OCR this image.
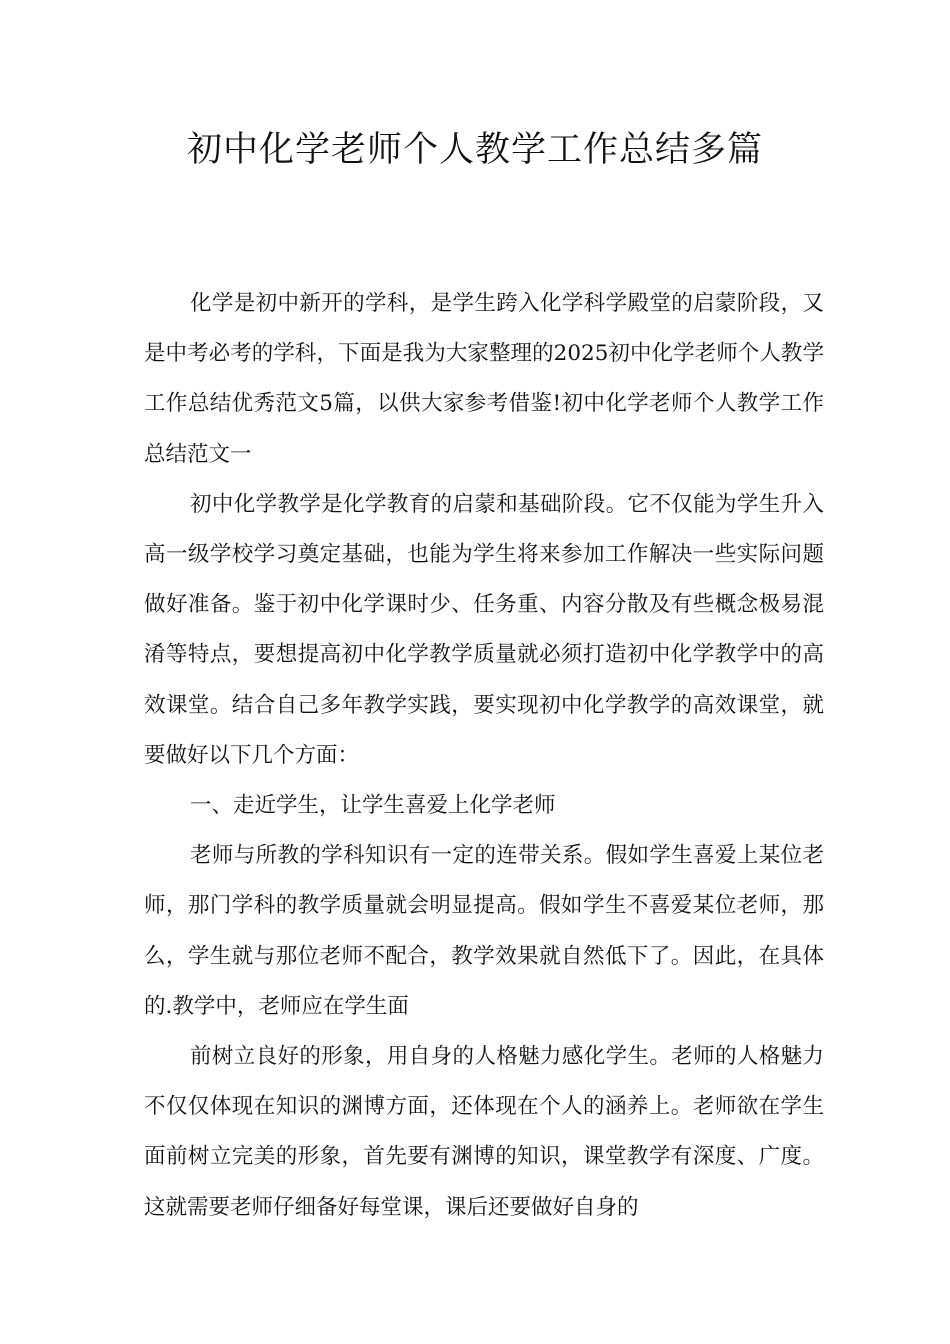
初中化学老师个人教学工作总结多篇

化学是初中新开的学科，是学生跨入化学科学殿堂的启蒙阶段，又是中考必考的学科，下面是我为大家整理的2025初中化学老师个人教学工作总结优秀范文5篇，以供大家参考借鉴!初中化学老师个人教学工作总结范文一

初中化学教学是化学教育的启蒙和基础阶段。它不仅能为学生升入高一级学校学习奠定基础，也能为学生将来参加工作解决一些实际问题做好准备。鉴于初中化学课时少、任务重、内容分散及有些概念极易混淆等特点，要想提高初中化学教学质量就必须打造初中化学教学中的高效课堂。结合自己多年教学实践，要实现初中化学教学的高效课堂，就要做好以下几个方面：

一、走近学生，让学生喜爱上化学老师

老师与所教的学科知识有一定的连带关系。假如学生喜爱上某位老师，那门学科的教学质量就会明显提高。假如学生不喜爱某位老师，那么，学生就与那位老师不配合，教学效果就自然低下了。因此，在具体的.教学中，老师应在学生面

前树立良好的形象，用自身的人格魅力感化学生。老师的人格魅力不仅仅体现在知识的渊博方面，还体现在个人的涵养上。老师欲在学生面前树立完美的形象，首先要有渊博的知识，课堂教学有深度、广度。这就需要老师仔细备好每堂课，课后还要做好自身的
